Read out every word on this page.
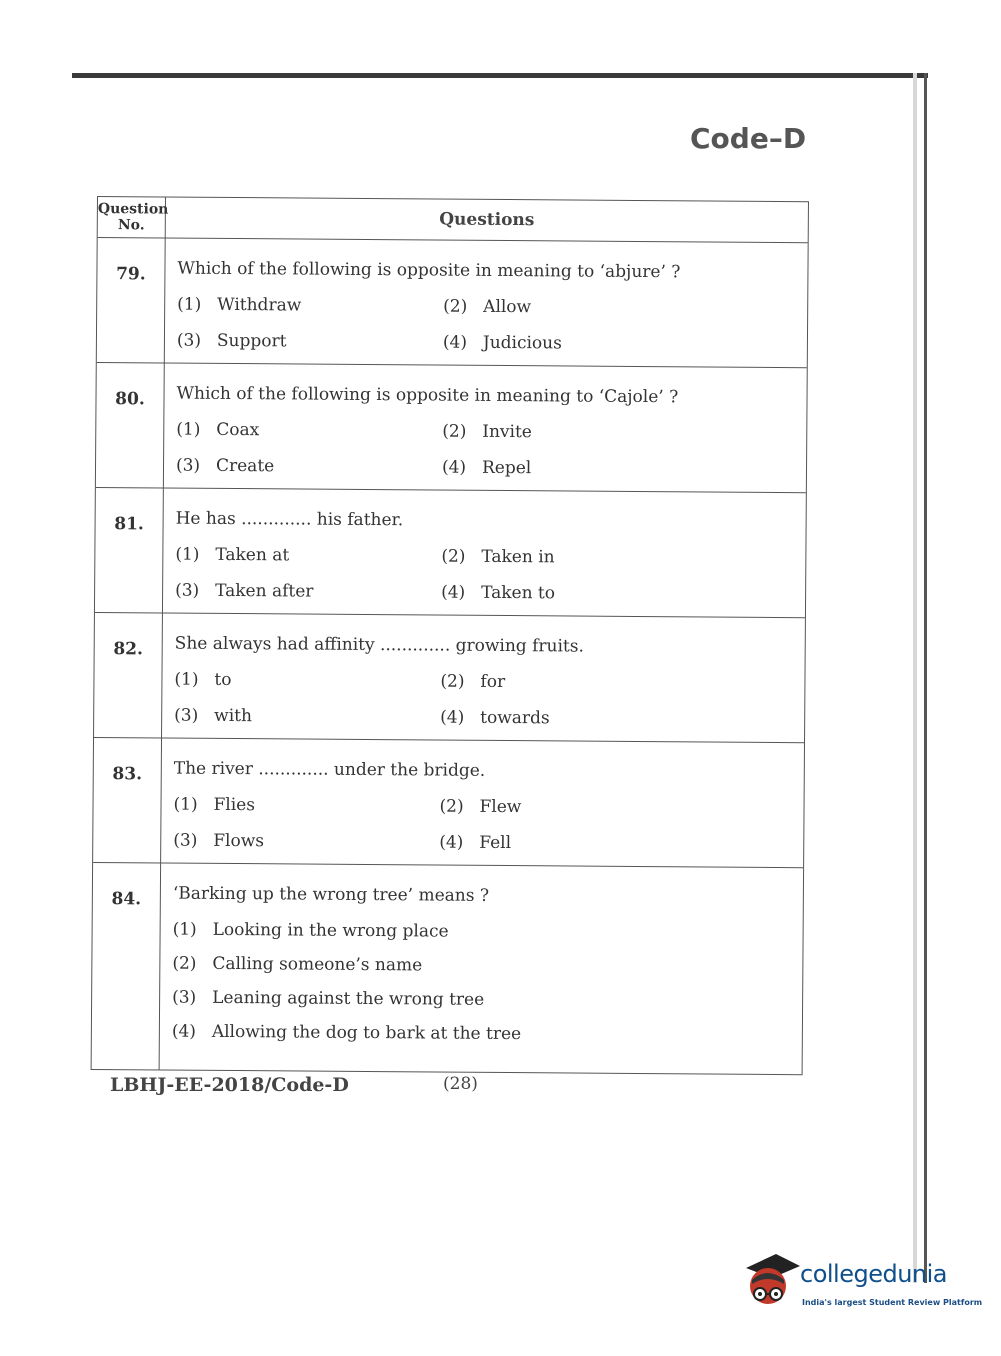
Code–D
Question No.	Questions
79.	Which of the following is opposite in meaning to ‘abjure’ ?
(1) Withdraw	(2) Allow
(3) Support	(4) Judicious
80.	Which of the following is opposite in meaning to ‘Cajole’ ?
(1) Coax	(2) Invite
(3) Create	(4) Repel
81.	He has ............. his father.
(1) Taken at	(2) Taken in
(3) Taken after	(4) Taken to
82.	She always had affinity ............. growing fruits.
(1) to	(2) for
(3) with	(4) towards
83.	The river ............. under the bridge.
(1) Flies	(2) Flew
(3) Flows	(4) Fell
84.	‘Barking up the wrong tree’ means ?
(1) Looking in the wrong place
(2) Calling someone’s name
(3) Leaning against the wrong tree
(4) Allowing the dog to bark at the tree
LBHJ-EE-2018/Code-D	(28)
collegedunia
India's largest Student Review Platform
